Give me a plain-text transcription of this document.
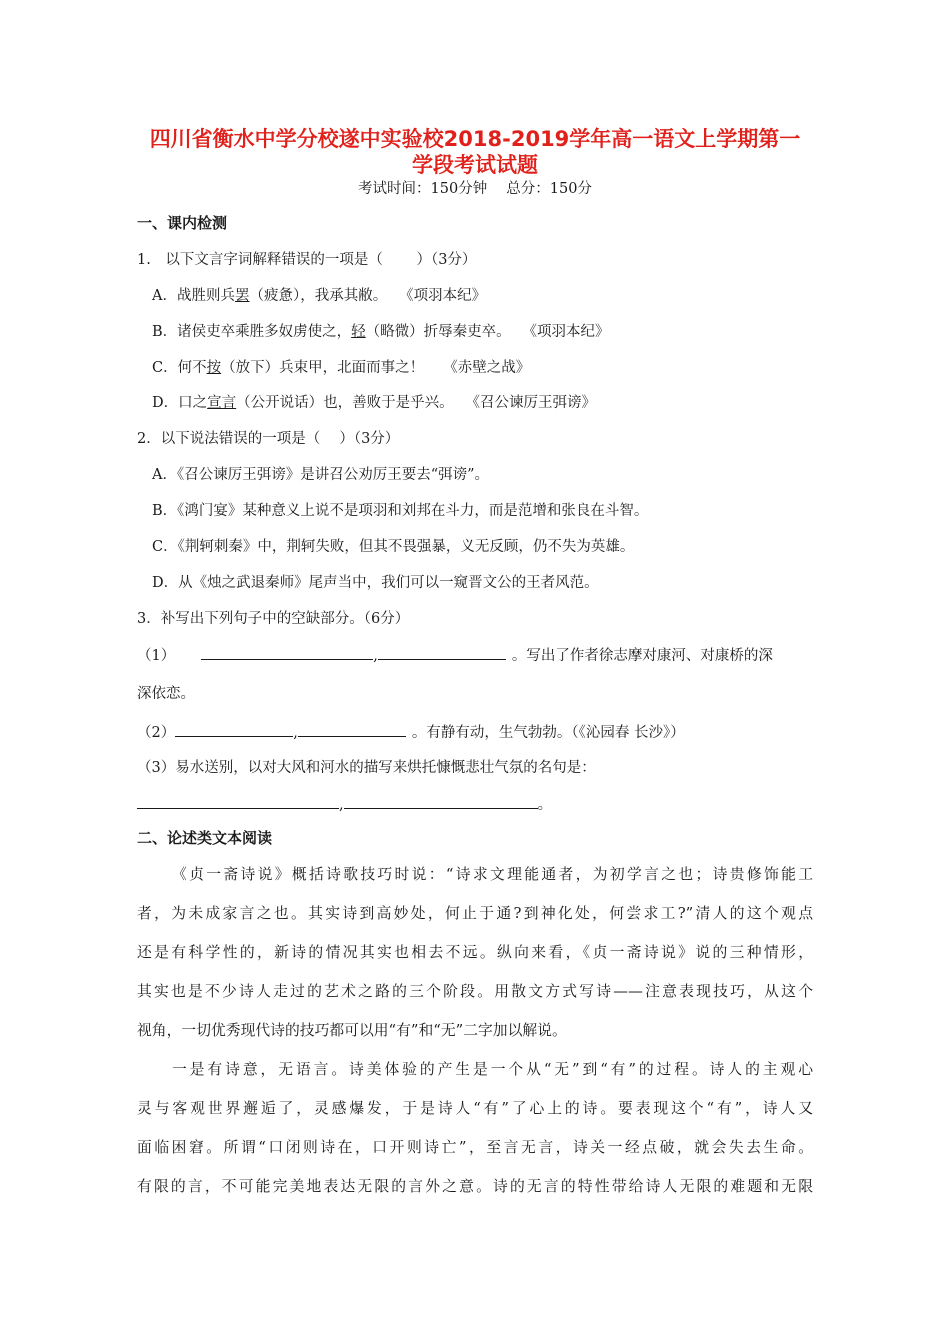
四川省衡水中学分校遂中实验校2018-2019学年高一语文上学期第一
学段考试试题
考试时间：150分钟　 总分：150分
一、课内检测
1.　以下文言字词解释错误的一项是（　　 ）（3分）
A．战胜则兵罢（疲惫），我承其敝。　 《项羽本纪》
B．诸侯吏卒乘胜多奴虏使之，轻（略微）折辱秦吏卒。　 《项羽本纪》
C．何不按（放下）兵束甲，北面而事之！　 《赤壁之战》
D．口之宣言（公开说话）也，善败于是乎兴。　 《召公谏厉王弭谤》
2．以下说法错误的一项是（　 ）（3分）
A．《召公谏厉王弭谤》是讲召公劝厉王要去“弭谤”。
B．《鸿门宴》某种意义上说不是项羽和刘邦在斗力，而是范增和张良在斗智。
C．《荆轲刺秦》中，荆轲失败，但其不畏强暴，义无反顾，仍不失为英雄。
D．从《烛之武退秦师》尾声当中，我们可以一窥晋文公的王者风范。
3．补写出下列句子中的空缺部分。（6分）
（1）	,	。写出了作者徐志摩对康河、对康桥的深
深依恋。
（2）	,	。有静有动，生气勃勃。（《沁园春 长沙》）
（3）易水送别，以对大风和河水的描写来烘托慷慨悲壮气氛的名句是：
,	。
二、论述类文本阅读
《贞一斋诗说》概括诗歌技巧时说：“诗求文理能通者，为初学言之也；诗贵修饰能工
者，为未成家言之也。其实诗到高妙处，何止于通?到神化处，何尝求工?”清人的这个观点
还是有科学性的，新诗的情况其实也相去不远。纵向来看，《贞一斋诗说》说的三种情形，
其实也是不少诗人走过的艺术之路的三个阶段。用散文方式写诗——注意表现技巧，从这个
视角，一切优秀现代诗的技巧都可以用“有”和“无”二字加以解说。
一是有诗意，无语言。诗美体验的产生是一个从“无”到“有”的过程。诗人的主观心
灵与客观世界邂逅了，灵感爆发，于是诗人“有”了心上的诗。要表现这个“有”，诗人又
面临困窘。所谓“口闭则诗在，口开则诗亡”，至言无言，诗关一经点破，就会失去生命。
有限的言，不可能完美地表达无限的言外之意。诗的无言的特性带给诗人无限的难题和无限
